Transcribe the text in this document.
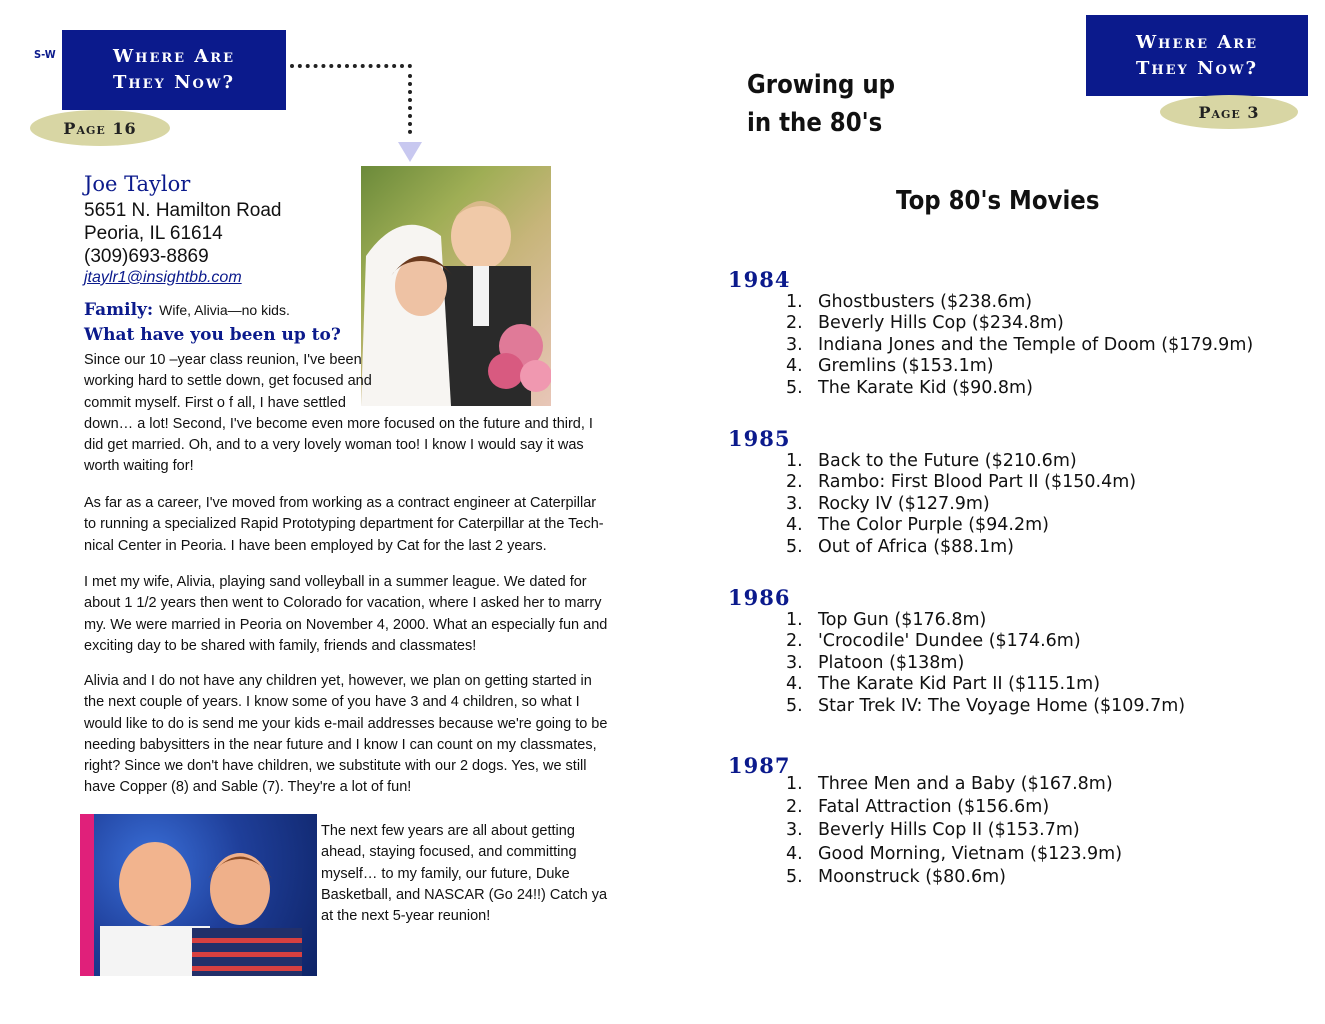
S-W	Where Are
They Now?
Page 16
Joe Taylor
5651 N. Hamilton Road
Peoria, IL 61614
(309)693-8869
jtaylr1@insightbb.com
Family: Wife, Alivia—no kids.
What have you been up to?
Since our 10 –year class reunion, I've been
working hard to settle down, get focused and
commit myself. First o f all, I have settled
down… a lot! Second, I've become even more focused on the future and third, I
did get married. Oh, and to a very lovely woman too! I know I would say it was
worth waiting for!
As far as a career, I've moved from working as a contract engineer at Caterpillar
to running a specialized Rapid Prototyping department for Caterpillar at the Tech-
nical Center in Peoria. I have been employed by Cat for the last 2 years.
I met my wife, Alivia, playing sand volleyball in a summer league. We dated for
about 1 1/2 years then went to Colorado for vacation, where I asked her to marry
my. We were married in Peoria on November 4, 2000. What an especially fun and
exciting day to be shared with family, friends and classmates!
Alivia and I do not have any children yet, however, we plan on getting started in
the next couple of years. I know some of you have 3 and 4 children, so what I
would like to do is send me your kids e-mail addresses because we're going to be
needing babysitters in the near future and I know I can count on my classmates,
right? Since we don't have children, we substitute with our 2 dogs. Yes, we still
have Copper (8) and Sable (7). They're a lot of fun!
The next few years are all about getting
ahead, staying focused, and committing
myself… to my family, our future, Duke
Basketball, and NASCAR (Go 24!!) Catch ya
at the next 5-year reunion!
Where Are
They Now?
Page 3
Growing up
in the 80's
Top 80's Movies
1984
1. Ghostbusters ($238.6m)
2. Beverly Hills Cop ($234.8m)
3. Indiana Jones and the Temple of Doom ($179.9m)
4. Gremlins ($153.1m)
5. The Karate Kid ($90.8m)
1985
1. Back to the Future ($210.6m)
2. Rambo: First Blood Part II ($150.4m)
3. Rocky IV ($127.9m)
4. The Color Purple ($94.2m)
5. Out of Africa ($88.1m)
1986
1. Top Gun ($176.8m)
2. 'Crocodile' Dundee ($174.6m)
3. Platoon ($138m)
4. The Karate Kid Part II ($115.1m)
5. Star Trek IV: The Voyage Home ($109.7m)
1987
1. Three Men and a Baby ($167.8m)
2. Fatal Attraction ($156.6m)
3. Beverly Hills Cop II ($153.7m)
4. Good Morning, Vietnam ($123.9m)
5. Moonstruck ($80.6m)
